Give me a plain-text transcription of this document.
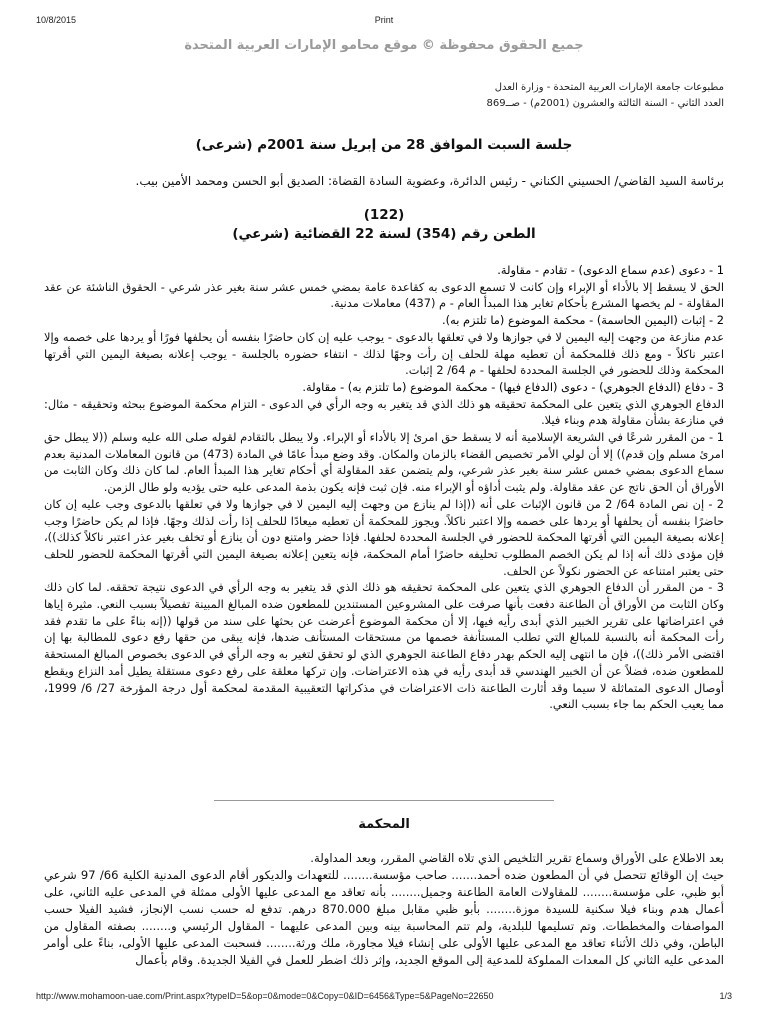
10/8/2015	Print
جميع الحقوق محفوظة © موقع محامو الإمارات العربية المتحدة
مطبوعات جامعة الإمارات العربية المتحدة - وزارة العدل
العدد الثاني - السنة الثالثة والعشرون (2001م) - صــ869
جلسة السبت الموافق 28 من إبريل سنة 2001م (شرعى)
برئاسة السيد القاضي/ الحسيني الكناني - رئيس الدائرة، وعضوية السادة القضاة: الصديق أبو الحسن ومحمد الأمين بيب.
(122)
الطعن رقم (354) لسنة 22 القضائية (شرعي)

1 - دعوى (عدم سماع الدعوى) - تقادم - مقاولة.

الحق لا يسقط إلا بالأداء أو الإبراء وإن كانت لا تسمع الدعوى به كقاعدة عامة بمضي خمس عشر سنة بغير عذر شرعي - الحقوق الناشئة عن عقد المقاولة - لم يخصها المشرع بأحكام تغاير هذا المبدأ العام - م (437) معاملات مدنية.

2 - إثبات (اليمين الحاسمة) - محكمة الموضوع (ما تلتزم به).

عدم منازعة من وجهت إليه اليمين لا في جوازها ولا في تعلقها بالدعوى - يوجب عليه إن كان حاضرًا بنفسه أن يحلفها فورًا أو يردها على خصمه وإلا اعتبر ناكلاً - ومع ذلك فللمحكمة أن تعطيه مهلة للحلف إن رأت وجهًا لذلك - انتفاء حضوره بالجلسة - يوجب إعلانه بصيغة اليمين التي أقرتها المحكمة وذلك للحضور في الجلسة المحددة لحلفها - م 64/ 2 إثبات.

3 - دفاع (الدفاع الجوهري) - دعوى (الدفاع فيها) - محكمة الموضوع (ما تلتزم به) - مقاولة.

الدفاع الجوهري الذي يتعين على المحكمة تحقيقه هو ذلك الذي قد يتغير به وجه الرأي في الدعوى - التزام محكمة الموضوع ببحثه وتحقيقه - مثال: في منازعة بشأن مقاولة هدم وبناء فيلا.

1 - من المقرر شرعًا في الشريعة الإسلامية أنه لا يسقط حق امرئ إلا بالأداء أو الإبراء. ولا يبطل بالتقادم لقوله صلى الله عليه وسلم ((لا يبطل حق امرئ مسلم وإن قدم)) إلا أن لولي الأمر تخصيص القضاء بالزمان والمكان. وقد وضع مبدأ عامًا في المادة (473) من قانون المعاملات المدنية بعدم سماع الدعوى بمضي خمس عشر سنة بغير عذر شرعي، ولم يتضمن عقد المقاولة أي أحكام تغاير هذا المبدأ العام. لما كان ذلك وكان الثابت من الأوراق أن الحق ناتج عن عقد مقاولة. ولم يثبت أداؤه أو الإبراء منه. فإن ثبت فإنه يكون بذمة المدعى عليه حتى يؤديه ولو طال الزمن.

2 - إن نص المادة 64/ 2 من قانون الإثبات على أنه ((إذا لم ينازع من وجهت إليه اليمين لا في جوازها ولا في تعلقها بالدعوى وجب عليه إن كان حاضرًا بنفسه أن يحلفها أو يردها على خصمه وإلا اعتبر ناكلاً. ويجوز للمحكمة أن تعطيه ميعادًا للحلف إذا رأت لذلك وجهًا. فإذا لم يكن حاضرًا وجب إعلانه بصيغة اليمين التي أقرتها المحكمة للحضور في الجلسة المحددة لحلفها. فإذا حضر وامتنع دون أن ينازع أو تخلف بغير عذر اعتبر ناكلاً كذلك))، فإن مؤدى ذلك أنه إذا لم يكن الخصم المطلوب تحليفه حاضرًا أمام المحكمة، فإنه يتعين إعلانه بصيغة اليمين التي أقرتها المحكمة للحضور للحلف حتى يعتبر امتناعه عن الحضور نكولاً عن الحلف.

3 - من المقرر أن الدفاع الجوهري الذي يتعين على المحكمة تحقيقه هو ذلك الذي قد يتغير به وجه الرأي في الدعوى نتيجة تحققه. لما كان ذلك وكان الثابت من الأوراق أن الطاعنة دفعت بأنها صرفت على المشروعين المستندين للمطعون ضده المبالغ المبينة تفصيلاً بسبب النعي. مثيرة إياها في اعتراضاتها على تقرير الخبير الذي أبدى رأيه فيها، إلا أن محكمة الموضوع أعرضت عن بحثها على سند من قولها ((إنه بناءً على ما تقدم فقد رأت المحكمة أنه بالنسبة للمبالغ التي تطلب المستأنفة خصمها من مستحقات المستأنف ضدها، فإنه يبقى من حقها رفع دعوى للمطالبة بها إن اقتضى الأمر ذلك))، فإن ما انتهى إليه الحكم بهدر دفاع الطاعنة الجوهري الذي لو تحقق لتغير به وجه الرأي في الدعوى بخصوص المبالغ المستحقة للمطعون ضده، فضلاً عن أن الخبير الهندسي قد أبدى رأيه في هذه الاعتراضات. وإن تركها معلقة على رفع دعوى مستقلة يطيل أمد النزاع ويقطع أوصال الدعوى المتماثلة لا سيما وقد أثارت الطاعنة ذات الاعتراضات في مذكراتها التعقيبية المقدمة لمحكمة أول درجة المؤرخة 27/ 6/ 1999، مما يعيب الحكم بما جاء بسبب النعي.

المحكمة

بعد الاطلاع على الأوراق وسماع تقرير التلخيص الذي تلاه القاضي المقرر، وبعد المداولة.

حيث إن الوقائع تتحصل في أن المطعون ضده أحمد....... صاحب مؤسسة........ للتعهدات والديكور أقام الدعوى المدنية الكلية 66/ 97 شرعي أبو ظبي، على مؤسسة........ للمقاولات العامة الطاعنة وجميل........ بأنه تعاقد مع المدعى عليها الأولى ممثلة في المدعى عليه الثاني، على أعمال هدم وبناء فيلا سكنية للسيدة موزة........ بأبو ظبي مقابل مبلغ 870.000 درهم. تدفع له حسب نسب الإنجاز، فشيد الفيلا حسب المواصفات والمخططات. وتم تسليمها للبلدية، ولم تتم المحاسبة بينه وبين المدعى عليهما - المقاول الرئيسي و........ بصفته المقاول من الباطن، وفي ذلك الأثناء تعاقد مع المدعى عليها الأولى على إنشاء فيلا مجاورة، ملك ورثة........ فسحبت المدعى عليها الأولى، بناءً على أوامر المدعى عليه الثاني كل المعدات المملوكة للمدعية إلى الموقع الجديد، وإثر ذلك اضطر للعمل في الفيلا الجديدة. وقام بأعمال

http://www.mohamoon-uae.com/Print.aspx?typeID=5&op=0&mode=0&Copy=0&ID=6456&Type=5&PageNo=22650	1/3
